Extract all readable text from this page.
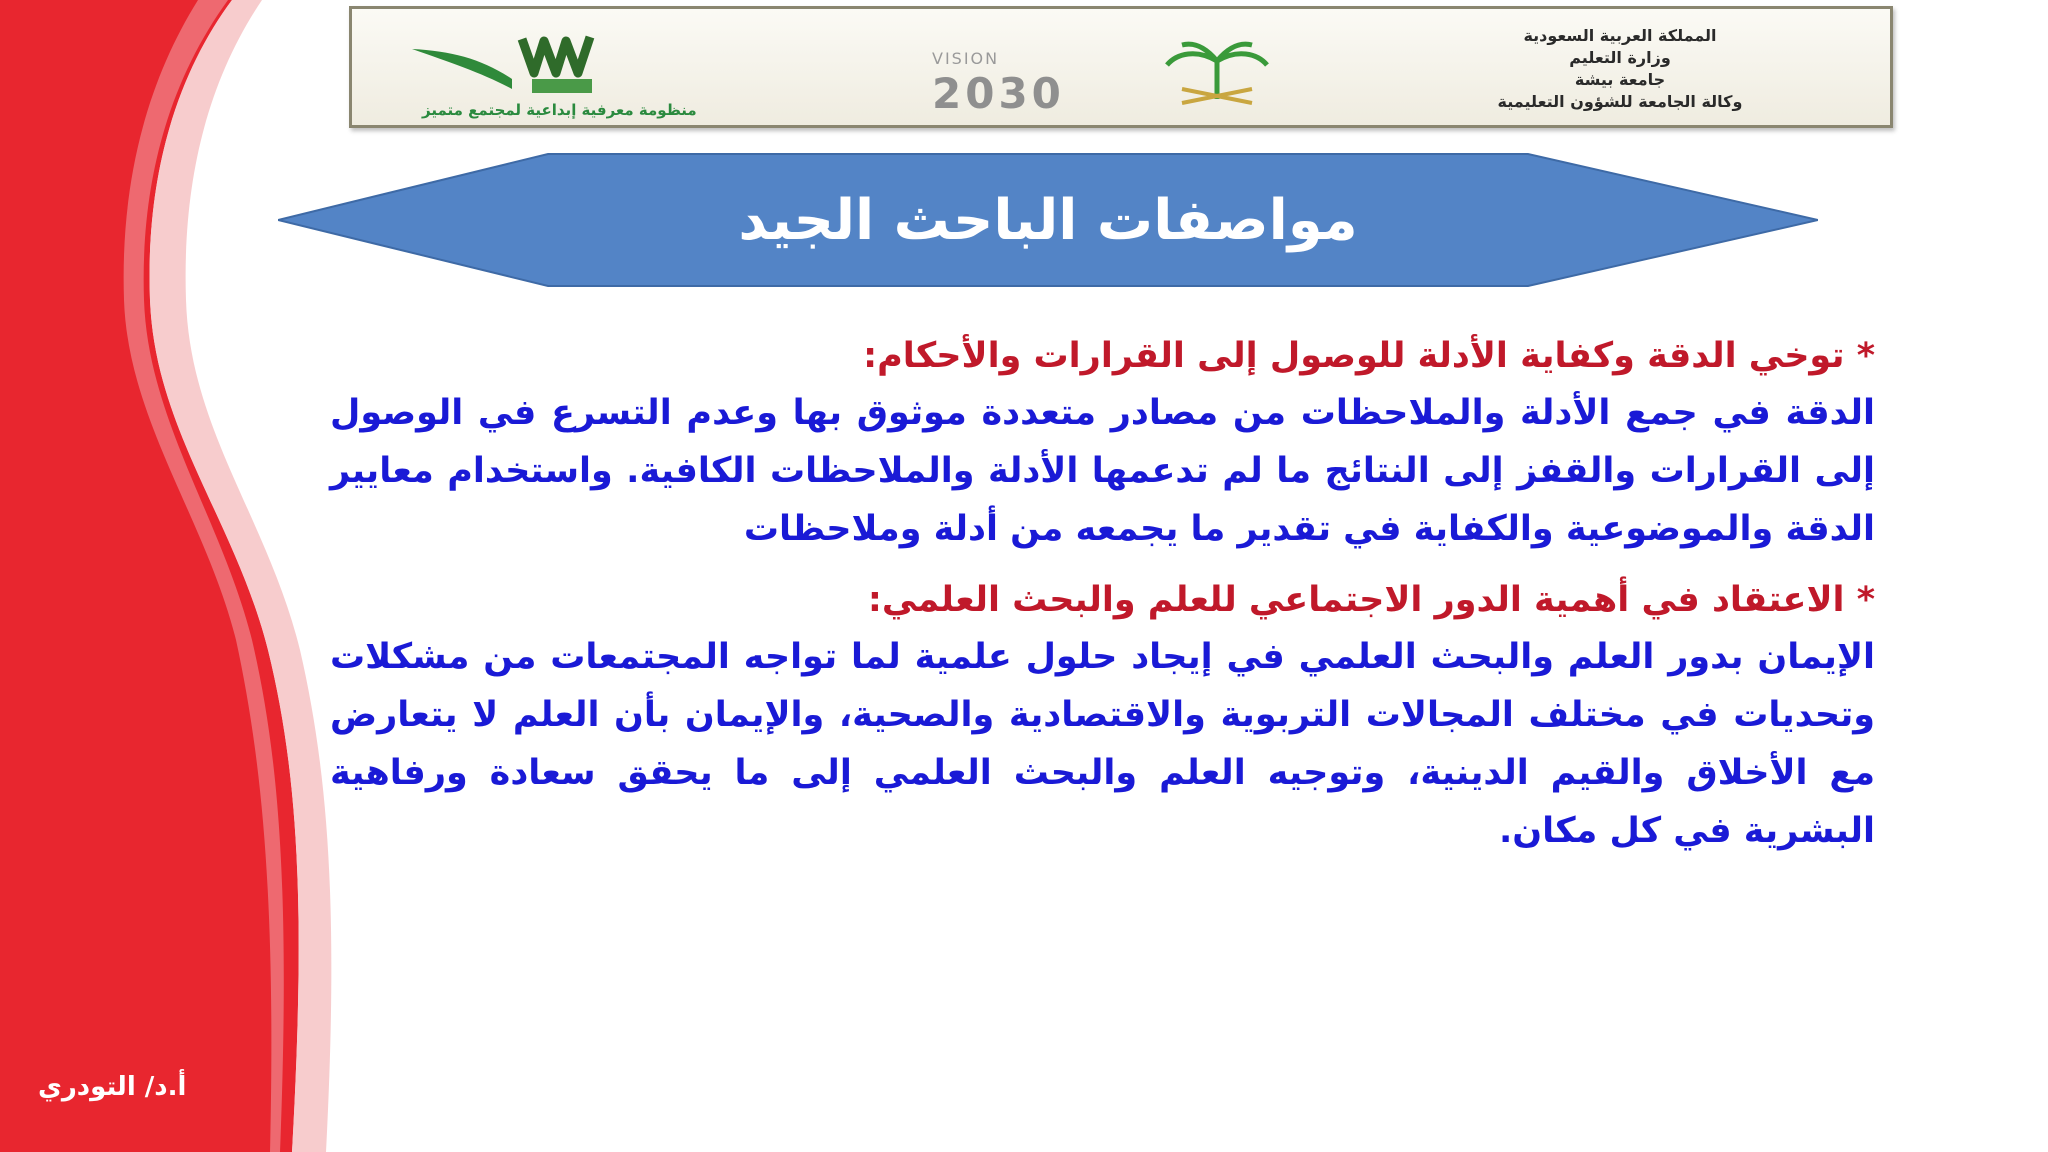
منظومة معرفية إبداعية لمجتمع متميز
VISION
2030
المملكة العربية السعودية
وزارة التعليم
جامعة بيشة
وكالة الجامعة للشؤون التعليمية
مواصفات الباحث الجيد

* توخي الدقة وكفاية الأدلة للوصول إلى القرارات والأحكام:

الدقة في جمع الأدلة والملاحظات من مصادر متعددة موثوق بها وعدم التسرع في الوصول إلى القرارات والقفز إلى النتائج ما لم تدعمها الأدلة والملاحظات الكافية. واستخدام معايير الدقة والموضوعية والكفاية في تقدير ما يجمعه من أدلة وملاحظات

* الاعتقاد في أهمية الدور الاجتماعي للعلم والبحث العلمي:

الإيمان بدور العلم والبحث العلمي في إيجاد حلول علمية لما تواجه المجتمعات من مشكلات وتحديات في مختلف المجالات التربوية والاقتصادية والصحية، والإيمان بأن العلم لا يتعارض مع الأخلاق والقيم الدينية، وتوجيه العلم والبحث العلمي إلى ما يحقق سعادة ورفاهية البشرية في كل مكان.

أ.د/ التودري
